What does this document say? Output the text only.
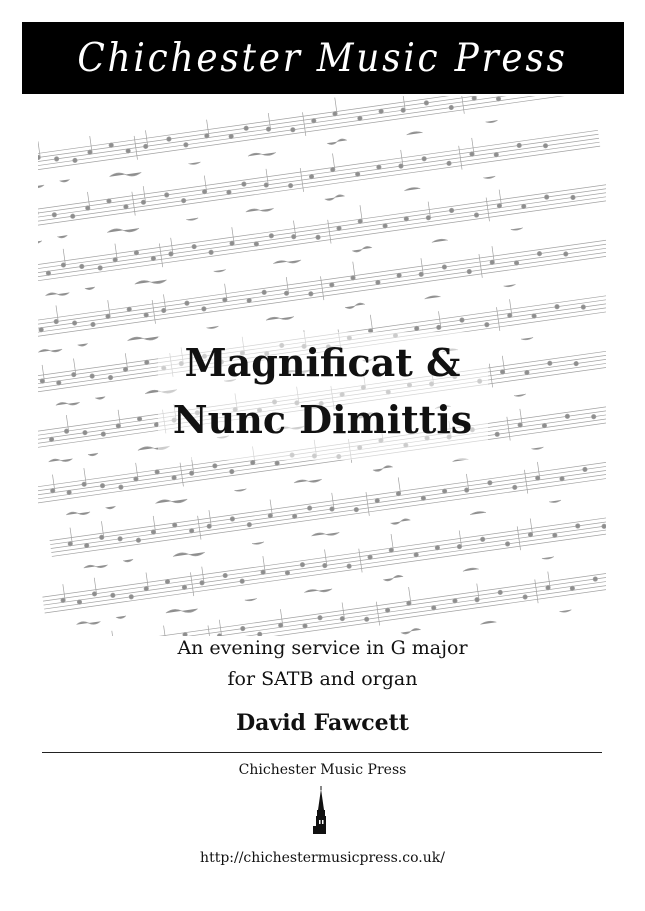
Chichester Music Press
Magnificat &
Nunc Dimittis
An evening service in G major
for SATB and organ
David Fawcett
Chichester Music Press
http://chichestermusicpress.co.uk/
